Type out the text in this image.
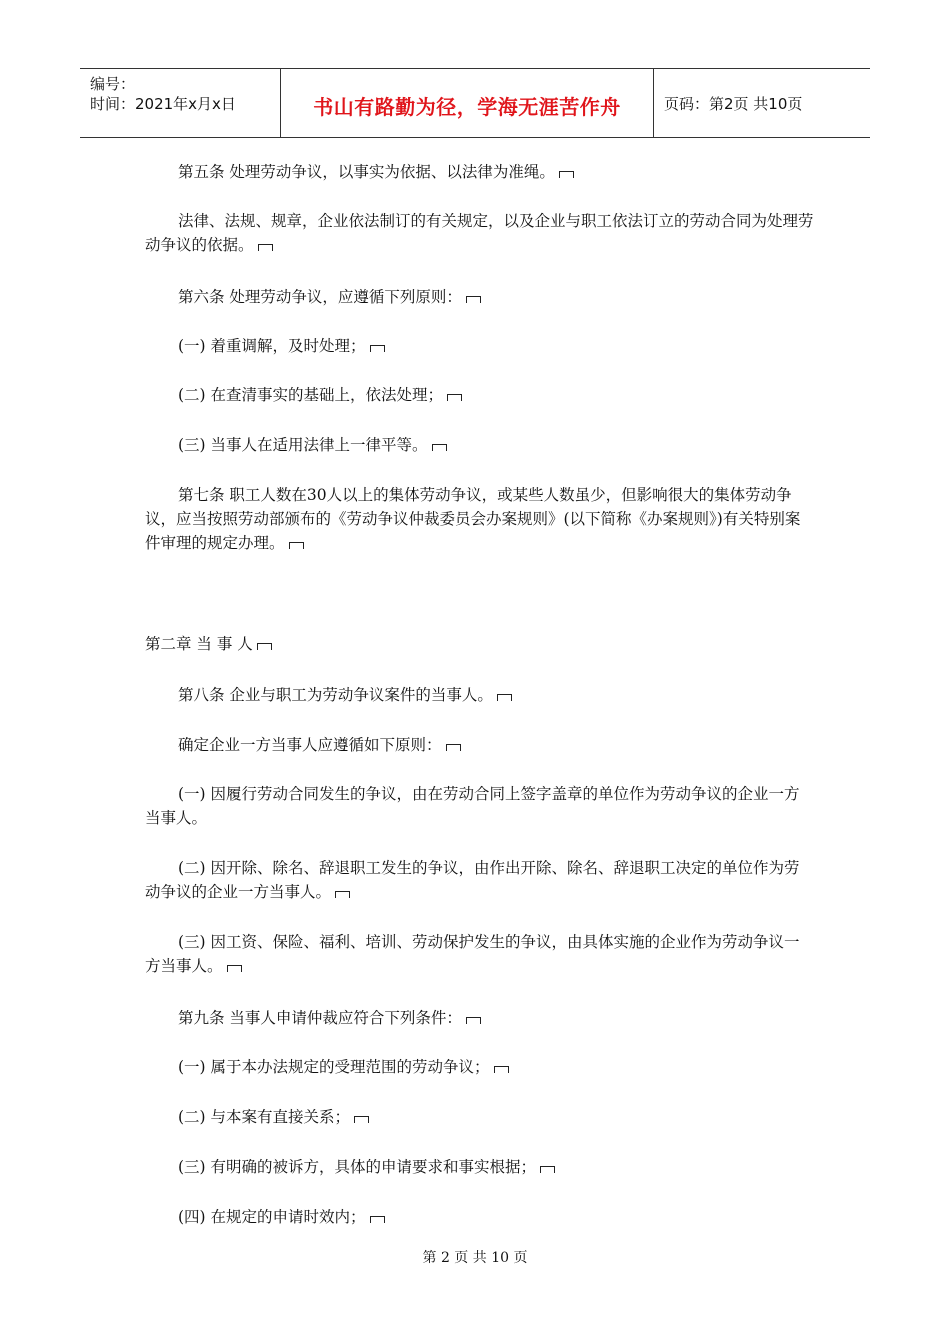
编号：
时间：2021年x月x日	书山有路勤为径，学海无涯苦作舟	页码：第2页 共10页
第五条 处理劳动争议，以事实为依据、以法律为准绳。
法律、法规、规章，企业依法制订的有关规定，以及企业与职工依法订立的劳动合同为处理劳动争议的依据。
第六条 处理劳动争议，应遵循下列原则：
(一) 着重调解，及时处理；
(二) 在查清事实的基础上，依法处理；
(三) 当事人在适用法律上一律平等。
第七条 职工人数在30人以上的集体劳动争议，或某些人数虽少，但影响很大的集体劳动争议，应当按照劳动部颁布的《劳动争议仲裁委员会办案规则》(以下简称《办案规则》)有关特别案件审理的规定办理。
第二章 当 事 人
第八条 企业与职工为劳动争议案件的当事人。
确定企业一方当事人应遵循如下原则：
(一) 因履行劳动合同发生的争议，由在劳动合同上签字盖章的单位作为劳动争议的企业一方当事人。
(二) 因开除、除名、辞退职工发生的争议，由作出开除、除名、辞退职工决定的单位作为劳动争议的企业一方当事人。
(三) 因工资、保险、福利、培训、劳动保护发生的争议，由具体实施的企业作为劳动争议一方当事人。
第九条 当事人申请仲裁应符合下列条件：
(一) 属于本办法规定的受理范围的劳动争议；
(二) 与本案有直接关系；
(三) 有明确的被诉方，具体的申请要求和事实根据；
(四) 在规定的申请时效内；
第 2 页 共 10 页
